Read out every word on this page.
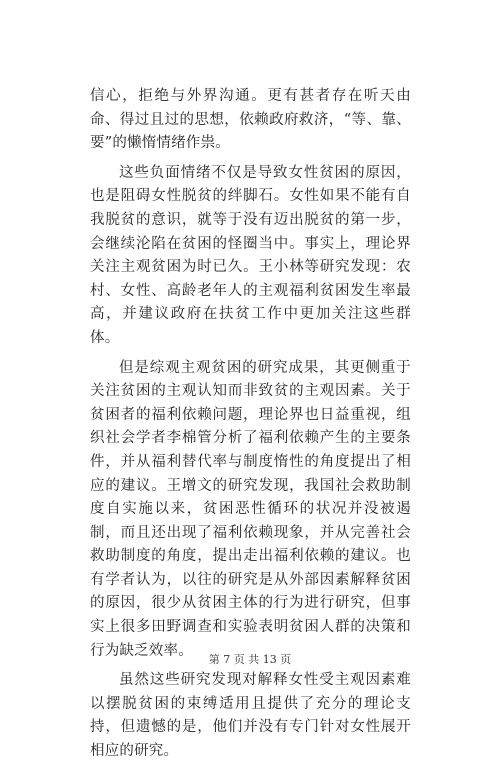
信心，拒绝与外界沟通。更有甚者存在听天由命、得过且过的思想，依赖政府救济，“等、靠、要”的懒惰情绪作祟。

这些负面情绪不仅是导致女性贫困的原因，也是阻碍女性脱贫的绊脚石。女性如果不能有自我脱贫的意识，就等于没有迈出脱贫的第一步，会继续沦陷在贫困的怪圈当中。事实上，理论界关注主观贫困为时已久。王小林等研究发现：农村、女性、高龄老年人的主观福利贫困发生率最高，并建议政府在扶贫工作中更加关注这些群体。

但是综观主观贫困的研究成果，其更侧重于关注贫困的主观认知而非致贫的主观因素。关于贫困者的福利依赖问题，理论界也日益重视，组织社会学者李棉管分析了福利依赖产生的主要条件，并从福利替代率与制度惰性的角度提出了相应的建议。王增文的研究发现，我国社会救助制度自实施以来，贫困恶性循环的状况并没被遏制，而且还出现了福利依赖现象，并从完善社会救助制度的角度，提出走出福利依赖的建议。也有学者认为，以往的研究是从外部因素解释贫困的原因，很少从贫困主体的行为进行研究，但事实上很多田野调查和实验表明贫困人群的决策和行为缺乏效率。

虽然这些研究发现对解释女性受主观因素难以摆脱贫困的束缚适用且提供了充分的理论支持，但遗憾的是，他们并没有专门针对女性展开相应的研究。

第 7 页 共 13 页
